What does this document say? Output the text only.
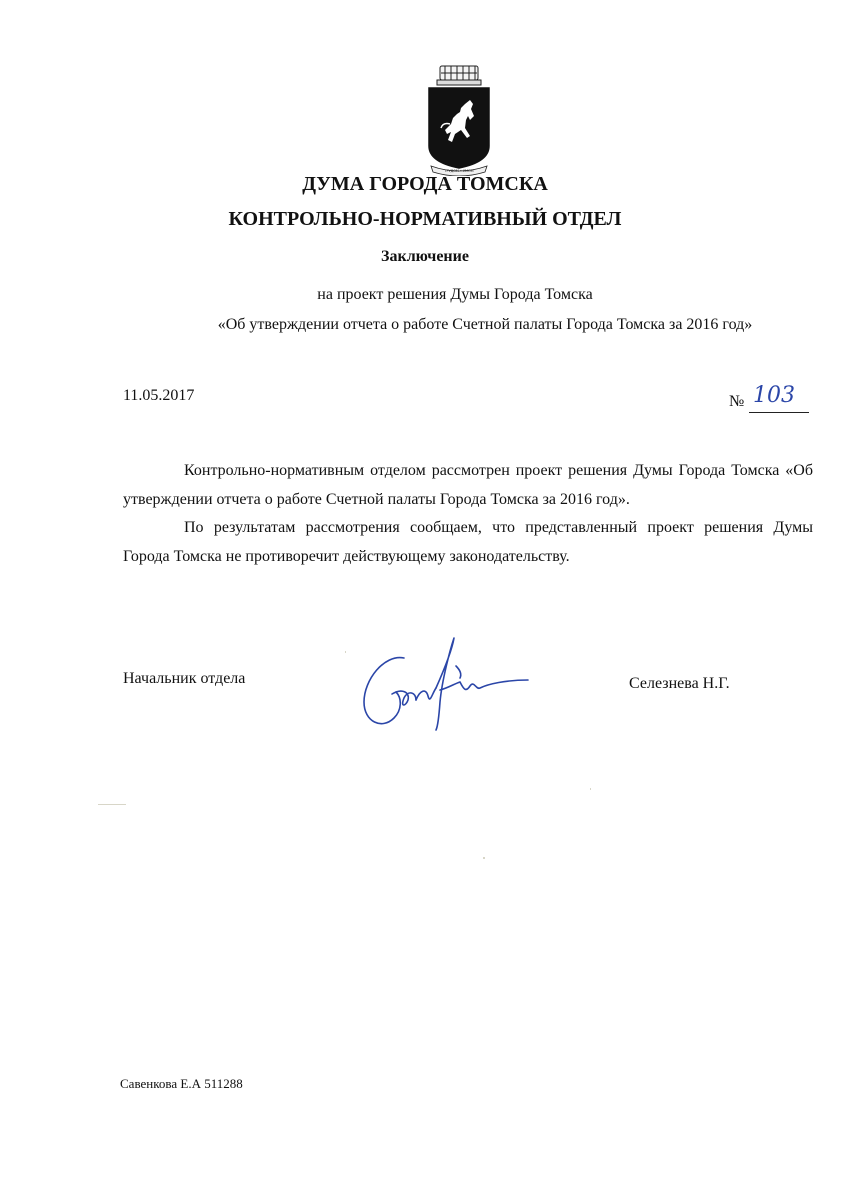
ТРУДОМ • УМОМ
ДУМА ГОРОДА ТОМСКА
КОНТРОЛЬНО-НОРМАТИВНЫЙ ОТДЕЛ
Заключение
на проект решения Думы Города Томска
«Об утверждении отчета о работе Счетной палаты Города Томска за 2016 год»
11.05.2017	№ 103
Контрольно-нормативным отделом рассмотрен проект решения Думы Города Томска «Об утверждении отчета о работе Счетной палаты Города Томска за 2016 год».
По результатам рассмотрения сообщаем, что представленный проект решения Думы Города Томска не противоречит действующему законодательству.
Начальник отдела	Селезнева Н.Г.
Савенкова Е.А 511288
